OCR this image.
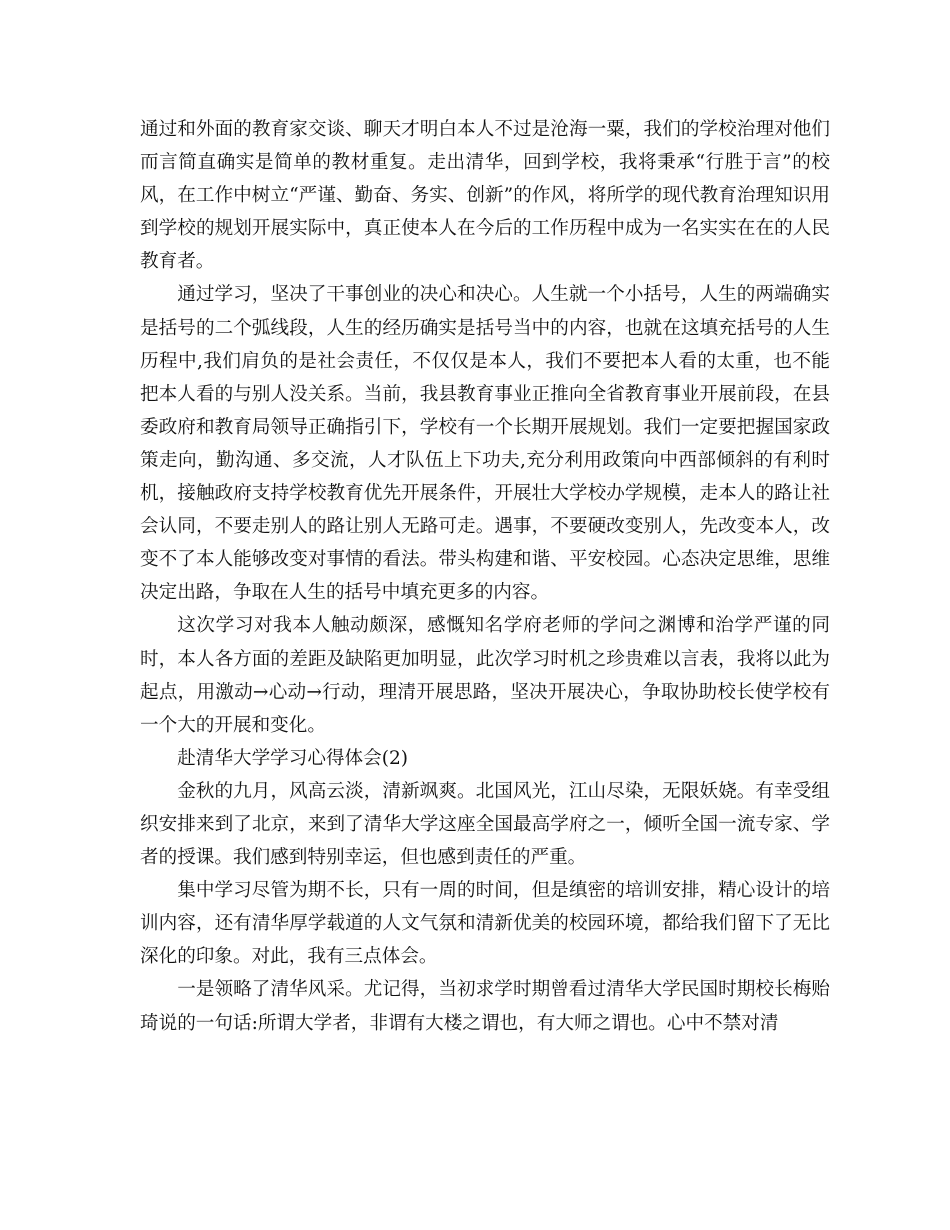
通过和外面的教育家交谈、聊天才明白本人不过是沧海一粟，我们的学校治理对他们而言简直确实是简单的教材重复。走出清华，回到学校，我将秉承“行胜于言”的校风，在工作中树立“严谨、勤奋、务实、创新”的作风，将所学的现代教育治理知识用到学校的规划开展实际中，真正使本人在今后的工作历程中成为一名实实在在的人民教育者。

通过学习，坚决了干事创业的决心和决心。人生就一个小括号，人生的两端确实是括号的二个弧线段，人生的经历确实是括号当中的内容，也就在这填充括号的人生历程中,我们肩负的是社会责任，不仅仅是本人，我们不要把本人看的太重，也不能把本人看的与别人没关系。当前，我县教育事业正推向全省教育事业开展前段，在县委政府和教育局领导正确指引下，学校有一个长期开展规划。我们一定要把握国家政策走向，勤沟通、多交流，人才队伍上下功夫,充分利用政策向中西部倾斜的有利时机，接触政府支持学校教育优先开展条件，开展壮大学校办学规模，走本人的路让社会认同，不要走别人的路让别人无路可走。遇事，不要硬改变别人，先改变本人，改变不了本人能够改变对事情的看法。带头构建和谐、平安校园。心态决定思维，思维决定出路，争取在人生的括号中填充更多的内容。

这次学习对我本人触动颇深，感慨知名学府老师的学问之渊博和治学严谨的同时，本人各方面的差距及缺陷更加明显，此次学习时机之珍贵难以言表，我将以此为起点，用激动→心动→行动，理清开展思路，坚决开展决心，争取协助校长使学校有一个大的开展和变化。

赴清华大学学习心得体会(2)

金秋的九月，风高云淡，清新飒爽。北国风光，江山尽染，无限妖娆。有幸受组织安排来到了北京，来到了清华大学这座全国最高学府之一，倾听全国一流专家、学者的授课。我们感到特别幸运，但也感到责任的严重。

集中学习尽管为期不长，只有一周的时间，但是缜密的培训安排，精心设计的培训内容，还有清华厚学载道的人文气氛和清新优美的校园环境，都给我们留下了无比深化的印象。对此，我有三点体会。

一是领略了清华风采。尤记得，当初求学时期曾看过清华大学民国时期校长梅贻琦说的一句话:所谓大学者，非谓有大楼之谓也，有大师之谓也。心中不禁对清
